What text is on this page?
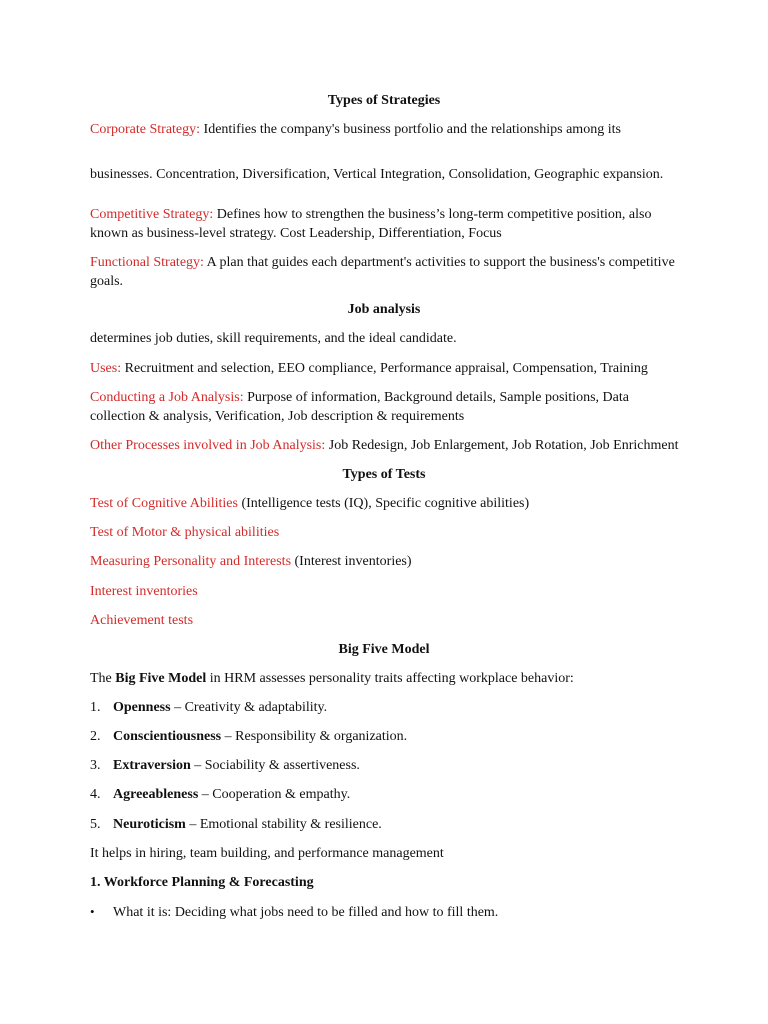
Types of Strategies

Corporate Strategy: Identifies the company's business portfolio and the relationships among its

businesses. Concentration, Diversification, Vertical Integration, Consolidation, Geographic expansion.

Competitive Strategy: Defines how to strengthen the business’s long-term competitive position, also known as business-level strategy. Cost Leadership, Differentiation, Focus

Functional Strategy: A plan that guides each department's activities to support the business's competitive goals.

Job analysis

determines job duties, skill requirements, and the ideal candidate.

Uses: Recruitment and selection, EEO compliance, Performance appraisal, Compensation, Training

Conducting a Job Analysis: Purpose of information, Background details, Sample positions, Data collection & analysis, Verification, Job description & requirements

Other Processes involved in Job Analysis: Job Redesign, Job Enlargement, Job Rotation, Job Enrichment

Types of Tests

Test of Cognitive Abilities (Intelligence tests (IQ), Specific cognitive abilities)

Test of Motor & physical abilities

Measuring Personality and Interests (Interest inventories)

Interest inventories

Achievement tests

Big Five Model

The Big Five Model in HRM assesses personality traits affecting workplace behavior:

1. Openness – Creativity & adaptability.

2. Conscientiousness – Responsibility & organization.

3. Extraversion – Sociability & assertiveness.

4. Agreeableness – Cooperation & empathy.

5. Neuroticism – Emotional stability & resilience.

It helps in hiring, team building, and performance management

1. Workforce Planning & Forecasting

• What it is: Deciding what jobs need to be filled and how to fill them.
